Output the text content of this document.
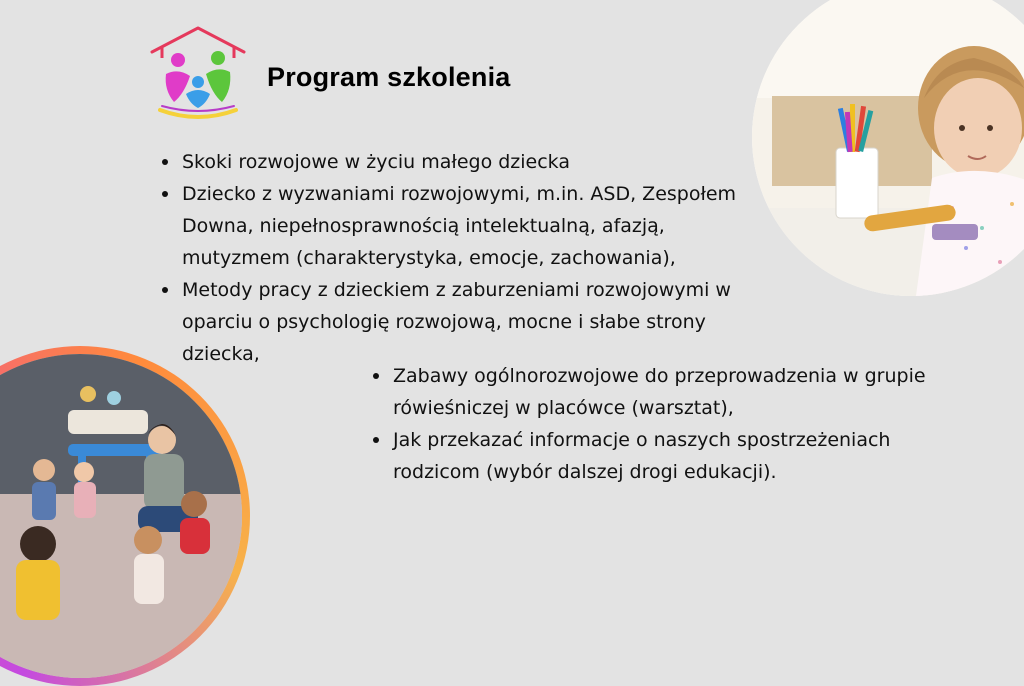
Program szkolenia
Skoki rozwojowe w życiu małego dziecka
Dziecko z wyzwaniami rozwojowymi, m.in. ASD, Zespołem Downa, niepełnosprawnością intelektualną, afazją, mutyzmem (charakterystyka, emocje, zachowania),
Metody pracy z dzieckiem z zaburzeniami rozwojowymi w oparciu o psychologię rozwojową, mocne i słabe strony dziecka,
Zabawy ogólnorozwojowe do przeprowadzenia w grupie rówieśniczej w placówce (warsztat),
Jak przekazać informacje o naszych spostrzeżeniach rodzicom (wybór dalszej drogi edukacji).
